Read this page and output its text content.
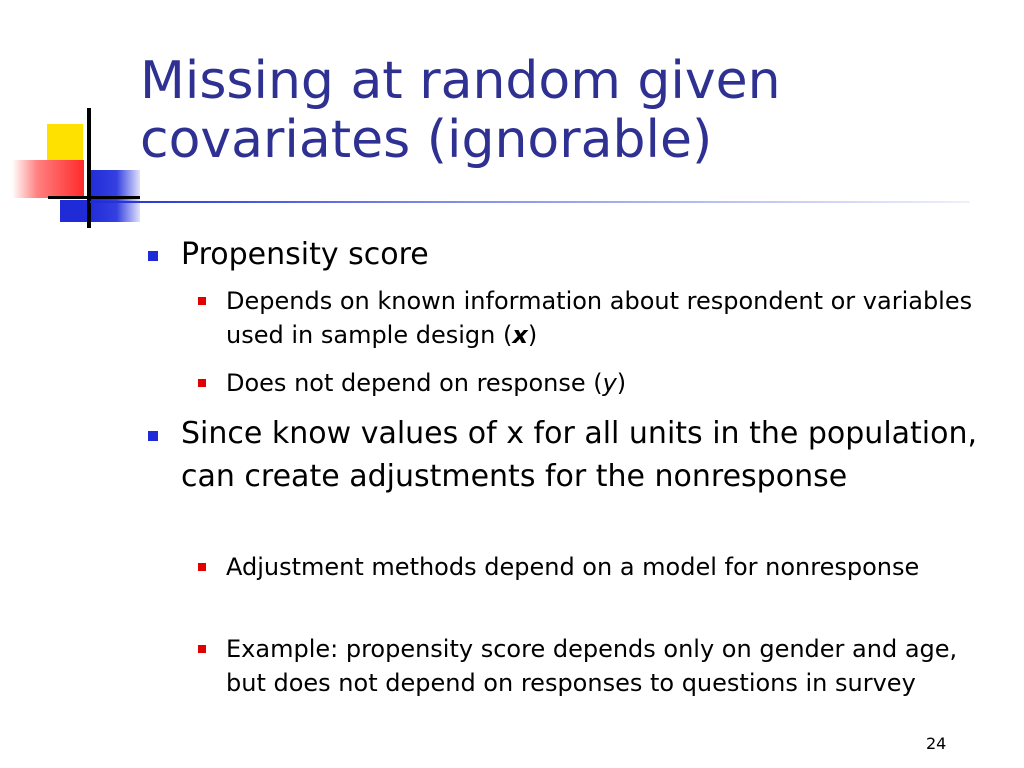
Missing at random given covariates (ignorable)
Propensity score
Depends on known information about respondent or variables used in sample design (x)
Does not depend on response (y)
Since know values of x for all units in the population, can create adjustments for the nonresponse
Adjustment methods depend on a model for nonresponse
Example: propensity score depends only on gender and age, but does not depend on responses to questions in survey
24
